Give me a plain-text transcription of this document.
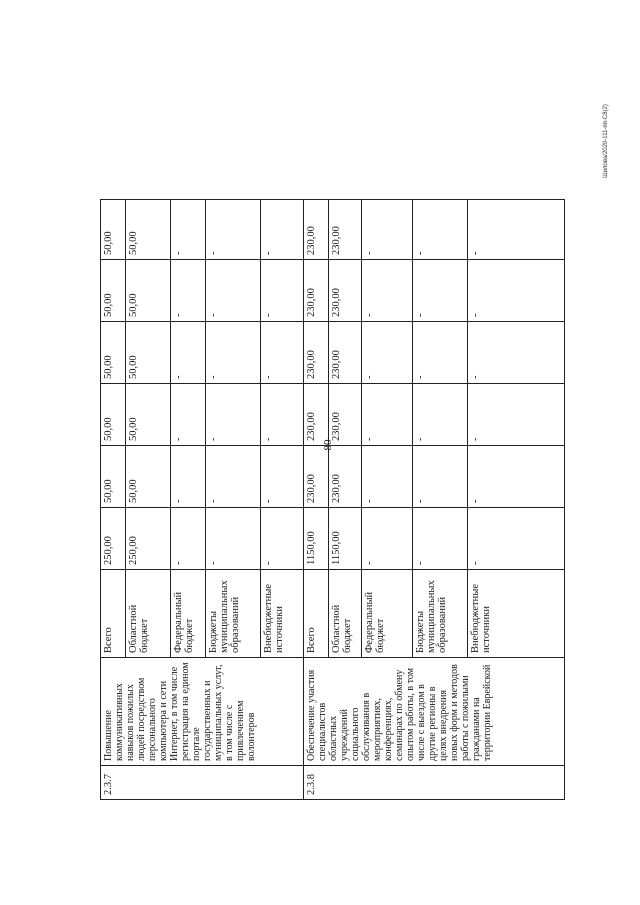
80
Шилова/2020-111-пп-С8(2)
2.3.7	Повышение коммуникативных навыков пожилых людей посредством персонального компьютера и сети Интернет, в том числе регистрация на едином портале государственных и муниципальных услуг, в том числе с привлечением волонтеров	Всего	250,00	50,00	50,00	50,00	50,00	50,00
		Областной бюджет	250,00	50,00	50,00	50,00	50,00	50,00
		Федеральный бюджет	-	-	-	-	-	-
		Бюджеты муниципальных образований	-	-	-	-	-	-
		Внебюджетные источники	-	-	-	-	-	-
2.3.8	Обеспечение участия специалистов областных учреждений социального обслуживания в мероприятиях, конференциях, семинарах по обмену опытом работы, в том числе с выездом в другие регионы в целях внедрения новых форм и методов работы с пожилыми гражданами на территории Еврейской	Всего	1150,00	230,00	230,00	230,00	230,00	230,00
		Областной бюджет	1150,00	230,00	230,00	230,00	230,00	230,00
		Федеральный бюджет	-	-	-	-	-	-
		Бюджеты муниципальных образований	-	-	-	-	-	-
		Внебюджетные источники	-	-	-	-	-	-
